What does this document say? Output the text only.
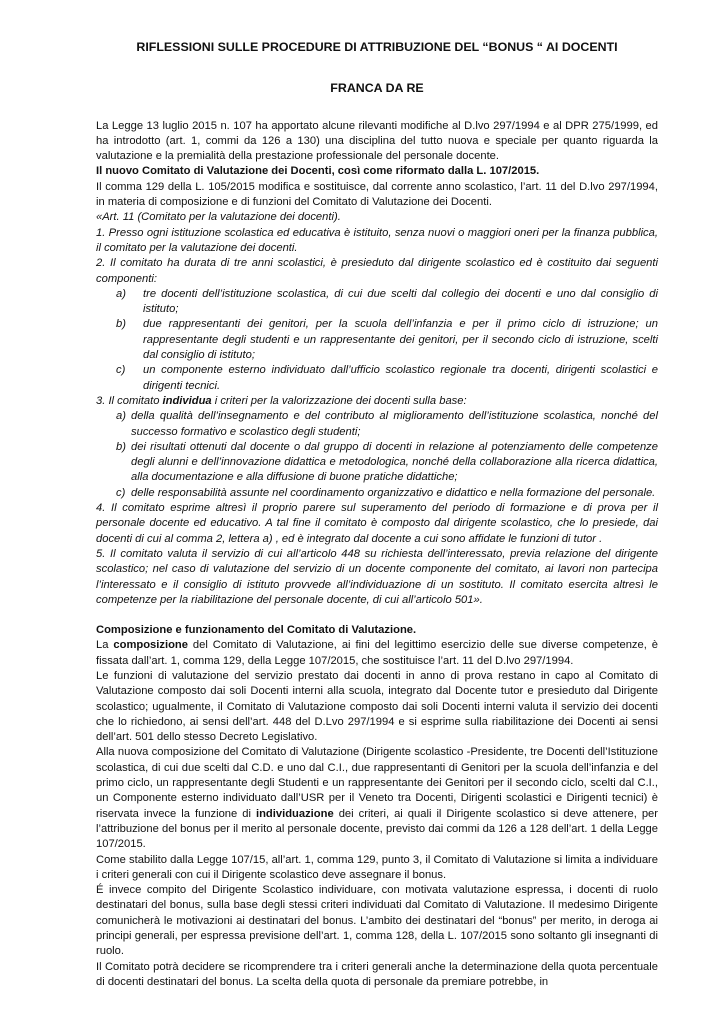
RIFLESSIONI SULLE PROCEDURE DI ATTRIBUZIONE DEL “BONUS “ AI DOCENTI

FRANCA DA RE

La Legge 13 luglio 2015 n. 107 ha apportato alcune rilevanti modifiche al D.lvo 297/1994 e al DPR 275/1999, ed ha introdotto (art. 1, commi da 126 a 130) una disciplina del tutto nuova e speciale per quanto riguarda la valutazione e la premialità della prestazione professionale del personale docente.

Il nuovo Comitato di Valutazione dei Docenti, così come riformato dalla L. 107/2015.

Il comma 129 della L. 105/2015 modifica e sostituisce, dal corrente anno scolastico, l’art. 11 del D.lvo 297/1994, in materia di composizione e di funzioni del Comitato di Valutazione dei Docenti.

«Art. 11 (Comitato per la valutazione dei docenti).

1. Presso ogni istituzione scolastica ed educativa è istituito, senza nuovi o maggiori oneri per la finanza pubblica, il comitato per la valutazione dei docenti.

2. Il comitato ha durata di tre anni scolastici, è presieduto dal dirigente scolastico ed è costituito dai seguenti componenti:

a)	tre docenti dell’istituzione scolastica, di cui due scelti dal collegio dei docenti e uno dal consiglio di istituto;
b)	due rappresentanti dei genitori, per la scuola dell’infanzia e per il primo ciclo di istruzione; un rappresentante degli studenti e un rappresentante dei genitori, per il secondo ciclo di istruzione, scelti dal consiglio di istituto;
c)	un componente esterno individuato dall’ufficio scolastico regionale tra docenti, dirigenti scolastici e dirigenti tecnici.

3. Il comitato individua i criteri per la valorizzazione dei docenti sulla base:

a) della qualità dell’insegnamento e del contributo al miglioramento dell’istituzione scolastica, nonché del successo formativo e scolastico degli studenti;
b) dei risultati ottenuti dal docente o dal gruppo di docenti in relazione al potenziamento delle competenze degli alunni e dell’innovazione didattica e metodologica, nonché della collaborazione alla ricerca didattica, alla documentazione e alla diffusione di buone pratiche didattiche;
c) delle responsabilità assunte nel coordinamento organizzativo e didattico e nella formazione del personale.

4. Il comitato esprime altresì il proprio parere sul superamento del periodo di formazione e di prova per il personale docente ed educativo. A tal fine il comitato è composto dal dirigente scolastico, che lo presiede, dai docenti di cui al comma 2, lettera a) , ed è integrato dal docente a cui sono affidate le funzioni di tutor .

5. Il comitato valuta il servizio di cui all’articolo 448 su richiesta dell’interessato, previa relazione del dirigente scolastico; nel caso di valutazione del servizio di un docente componente del comitato, ai lavori non partecipa l’interessato e il consiglio di istituto provvede all’individuazione di un sostituto. Il comitato esercita altresì le competenze per la riabilitazione del personale docente, di cui all’articolo 501».

Composizione e funzionamento del Comitato di Valutazione.

La composizione del Comitato di Valutazione, ai fini del legittimo esercizio delle sue diverse competenze, è fissata dall’art. 1, comma 129, della Legge 107/2015, che sostituisce l’art. 11 del D.lvo 297/1994.

Le funzioni di valutazione del servizio prestato dai docenti in anno di prova restano in capo al Comitato di Valutazione composto dai soli Docenti interni alla scuola, integrato dal Docente tutor e presieduto dal Dirigente scolastico; ugualmente, il Comitato di Valutazione composto dai soli Docenti interni valuta il servizio dei docenti che lo richiedono, ai sensi dell’art. 448 del D.Lvo 297/1994 e si esprime sulla riabilitazione dei Docenti ai sensi dell’art. 501 dello stesso Decreto Legislativo.

Alla nuova composizione del Comitato di Valutazione (Dirigente scolastico -Presidente, tre Docenti dell’Istituzione scolastica, di cui due scelti dal C.D. e uno dal C.I., due rappresentanti di Genitori per la scuola dell’infanzia e del primo ciclo, un rappresentante degli Studenti e un rappresentante dei Genitori per il secondo ciclo, scelti dal C.I., un Componente esterno individuato dall’USR per il Veneto tra Docenti, Dirigenti scolastici e Dirigenti tecnici) è riservata invece la funzione di individuazione dei criteri, ai quali il Dirigente scolastico si deve attenere, per l’attribuzione del bonus per il merito al personale docente, previsto dai commi da 126 a 128 dell’art. 1 della Legge 107/2015.

Come stabilito dalla Legge 107/15, all’art. 1, comma 129, punto 3, il Comitato di Valutazione si limita a individuare i criteri generali con cui il Dirigente scolastico deve assegnare il bonus.

É invece compito del Dirigente Scolastico individuare, con motivata valutazione espressa, i docenti di ruolo destinatari del bonus, sulla base degli stessi criteri individuati dal Comitato di Valutazione. Il medesimo Dirigente comunicherà le motivazioni ai destinatari del bonus. L’ambito dei destinatari del “bonus” per merito, in deroga ai principi generali, per espressa previsione dell’art. 1, comma 128, della L. 107/2015 sono soltanto gli insegnanti di ruolo.

Il Comitato potrà decidere se ricomprendere tra i criteri generali anche la determinazione della quota percentuale di docenti destinatari del bonus. La scelta della quota di personale da premiare potrebbe, in
